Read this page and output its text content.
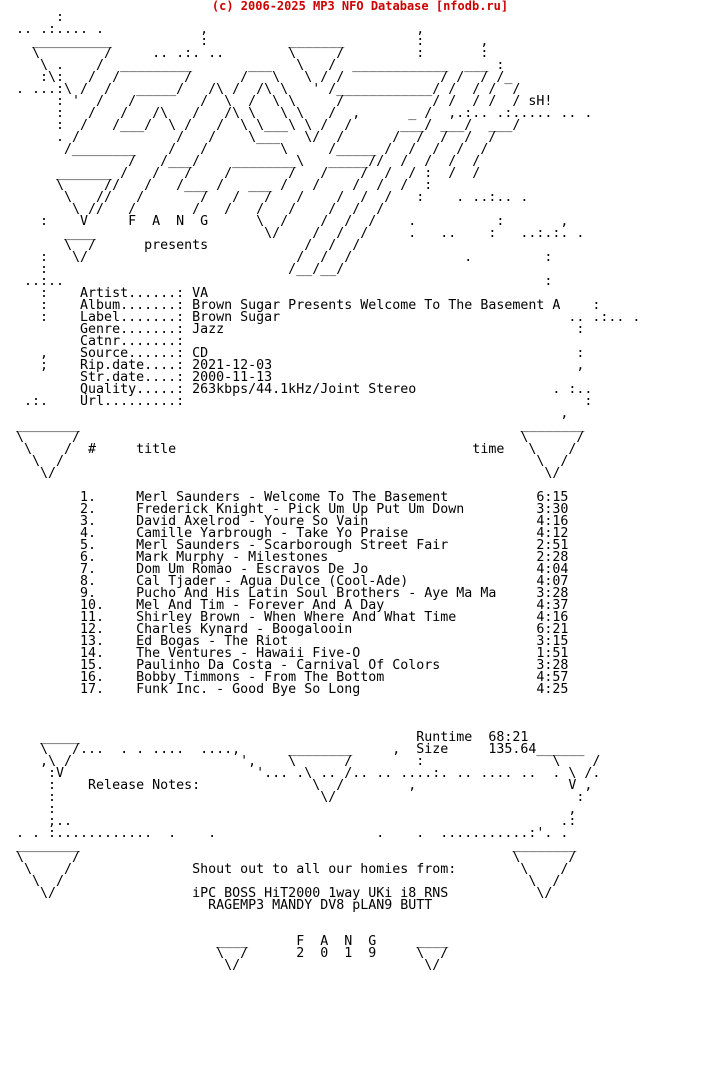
(c) 2006-2025 MP3 NFO Database [nfodb.ru]
:
.. .:.... .            ,                          ,
__________           :          _______         :       ,
\        /     .. .:. ..        \     /         :       :
\ .    /  _________       ___   \   /  ____________  ___ :
:\:   /  /        /      /   \   \ / /            / /  / /_
. ...:\ /  /   _____/   /\ /  /\ \   ' /____________/ /  / /  /
: '  /   /        /  \  /  \ \     /           / /  / /  / sH!
:   /   /   /\   /   /\ \   \ \   /  ,      _ /  ,.:.. .:..... .. .
:  /   /___/  \ /   /  \ \___\ \ /  /      ___/ ___/  ___/
. /            /   /    \___   \/  /      /  /  /  /  /
/________    /   /         \     /_____ /  /  /  /  /
/   /___/    ________\   _____//  /  /  /  /
_______ /   /   /    /       /   /    /  /  / :  /  /
\     //   /   /___ /   ___ /   /    /  /  /  :
\   //   /       /   /   /   /    /  /  /   :    . ..:.. .
\ //   /       /   /   /   /    /  /  /
:    V     F  A  N  G      \  /    /  /  /    .          :       ,
____                     \/    /  /  /     .   ..    :   ..:.:. .
\  /      presents            /  /  /
:   \/                          /  /  /              .         :
:                              /__/__/
..:..                                                            :
:    Artist......: VA
:    Album.......: Brown Sugar Presents Welcome To The Basement A    :
:    Label.......: Brown Sugar                                    .. .:.. .
Genre.......: Jazz                                            :
Catnr.......:
,    Source......: CD                                              :
;    Rip.date....: 2021-12-03                                      ,
Str.date....: 2000-11-13
Quality.....: 263kbps/44.1kHz/Joint Stereo                 . :..
.:.    Url.........:                                                  :
,
________                                                       ________
\      /                                                       \      /
\    /  #     title                                     time   \    /
\  /                                                           \  /
\/                                                             \/
1.     Merl Saunders - Welcome To The Basement           6:15
2.     Frederick Knight - Pick Um Up Put Um Down         3:30
3.     David Axelrod - Youre So Vain                     4:16
4.     Camille Yarbrough - Take Yo Praise                4:12
5.     Merl Saunders - Scarborough Street Fair           2:51
6.     Mark Murphy - Milestones                          2:28
7.     Dom Um Romao - Escravos De Jo                     4:04
8.     Cal Tjader - Agua Dulce (Cool-Ade)                4:07
9.     Pucho And His Latin Soul Brothers - Aye Ma Ma     3:28
10.    Mel And Tim - Forever And A Day                   4:37
11.    Shirley Brown - When Where And What Time          4:16
12.    Charles Kynard - Boogalooin                       6:21
13.    Ed Bogas - The Riot                               3:15
14.    The Ventures - Hawaii Five-O                      1:51
15.    Paulinho Da Costa - Carnival Of Colors            3:28
16.    Bobby Timmons - From The Bottom                   4:57
17.    Funk Inc. - Good Bye So Long                      4:25
_____                                          Runtime  68:21
\   /...  . . ....  ....,      ________     ,  Size     135.64______
,\ /                     ',    \      /        :                \    /
:V                        '... .\ .. /.. .. ....:. .. .... ..  . \ /.
:    Release Notes:              \  /        ,                   V ,
:                                 \/                              :
:                                                                ,
;..                                                             .:
. . :............  .    .                    .    .  ...........:'. .
________                                                      ________
\      /                                                      \      /
\    /               Shout out to all our homies from:        \    /
\  /                                                          \  /
\/                 iPC BOSS HiT2000 1way UKi i8 RNS           \/
RAGEMP3 MANDY DV8 pLAN9 BUTT
____      F  A  N  G     ____
\  /      2  0  1  9     \  /
\/                       \/
